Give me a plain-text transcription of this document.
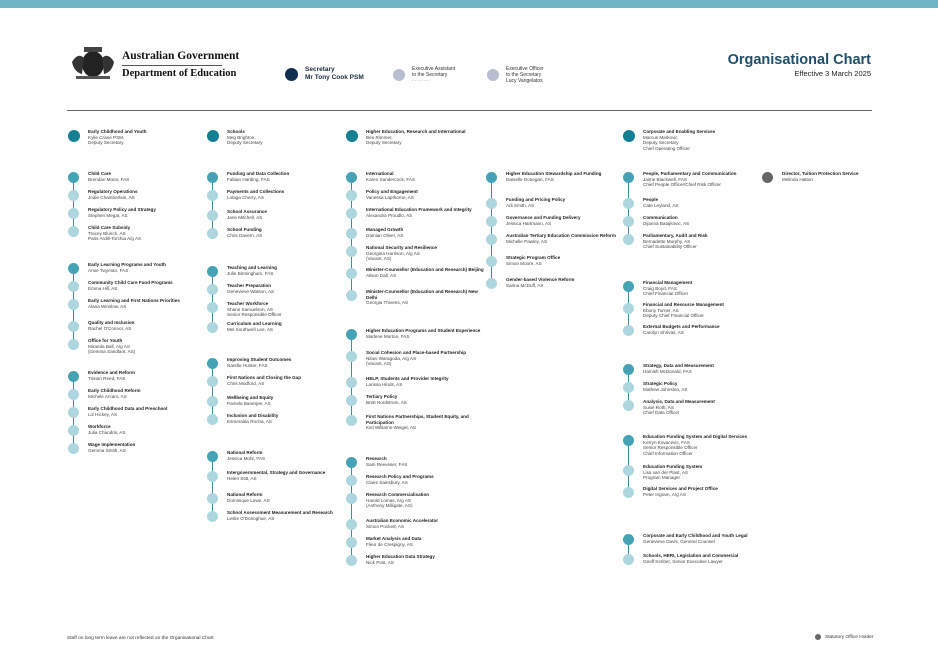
Australian Government
Department of Education	Secretary
Mr Tony Cook PSM
Executive Assistant
to the Secretary
- - - - - -
Executive Officer
to the Secretary
Lucy Vangelatos
Organisational Chart
Effective 3 March 2025
Early Childhood and Youth
Kylie Crane PSM,
Deputy Secretary
Child Care
Brendan Moon, FAS
Regulatory Operations
Jodie Chamberlain, AS
Regulatory Policy and Strategy
Stephen Megar, AS
Child Care Subsidy
Tracey Blunch, AS
Paris Ardill-Torchia A/g AS
Early Learning Programs and Youth
Anne Twyman, FAS
Community Child Care Fund Programs
Emma Hill, AS
Early Learning and First Nations Priorities
Alana Winslow, AS
Quality and Inclusion
Rachel O'Connor, AS
Office for Youth
Miranda Ball, A/g AS
(Gemma Sandlant, AS)
Evidence and Reform
Tristan Reed, FAS
Early Childhood Reform
Michele Arcaro, AS
Early Childhood Data and Preschool
Liz Hickey, AS
Workforce
Julia Chandris, AS
Wage Implementation
Gemma Smith, AS
Schools
Meg Brighton,
Deputy Secretary
Funding and Data Collection
Fabian Harding, FAS
Payments and Collections
Lolaga Cherry, AS
School Assurance
Jane Mitchell, AS
School Funding
Chris Davern, AS
Teaching and Learning
Julie Birmingham, FAS
Teacher Preparation
Genevieve Watson, AS
Teacher Workforce
Shane Samuelson, AS
Senior Responsible Officer
Curriculum and Learning
Mel Southwell Lee, AS
Improving Student Outcomes
Narelle Hunter, FAS
First Nations and Closing the Gap
Chris Modford, AS
Wellbeing and Equity
Pamela Banerjee, AS
Inclusion and Disability
Esmeralda Rocha, AS
National Reform
Jessica Mohr, FAS
Intergovernmental, Strategy and Governance
Helen Stitt, AS
National Reform
Dominique Lowe, AS
School Assessment Measurement and Research
Leslie O'Donoghue, AS
Higher Education, Research and International
Ben Rimmer,
Deputy Secretary
International
Karen Sandercock, FAS
Policy and Engagement
Vanessa Lapthorne, AS
International Education Framework and Integrity
Alexandra Proudlo, AS
Managed Growth
Damian Oliver, AS
National Security and Resilience
Georgina Harrison, A/g AS
(Vacant, AS)
Minister-Counsellor (Education and Research) Beijing
Alison Dall, AS
Minister-Counsellor (Education and Research) New Delhi
Georgia Thivens, AS
Higher Education Programs and Student Experience
Marlene Morton, FAS
Social Cohesion and Place-based Partnership
Nilani Waragoda, A/g AS
(Vacant, AS)
HELP, Students and Provider Integrity
Larissa Hinds, AS
Tertiary Policy
Brett Nordstrom, AS
First Nations Partnerships, Student Equity, and Participation
Kiel Williams-Weigel, AS
Research
Sam Reeveser, FAS
Research Policy and Programs
Claire Sainsbury, AS
Research Commercialisation
Harold Lomas, A/g AS
(Anthony Milligate, AS)
Australian Economic Accelerator
Simon Pockett, AS
Market Analysis and Data
Fleur de Crespigny, AS
Higher Education Data Strategy
Nick Post, AS
Higher Education Stewardship and Funding
Danielle Donegan, FAS
Funding and Pricing Policy
Adi Smith, AS
Governance and Funding Delivery
Jessica Hartmann, AS
Australian Tertiary Education Commission Reform
Michelle Pawley, AS
Strategic Program Office
Simon Moore, AS
Gender-based Violence Reform
Sarina McDuff, AS
Corporate and Enabling Services
Marcus Markovic
Deputy Secretary
Chief Operating Officer
People, Parliamentary and Communication
Jaime Blackwell, FAS
Chief People Officer/Chief Risk Officer
People
Cate Leyland, AS
Communication
Dijanna Batajkovic, AS
Parliamentary, Audit and Risk
Bernadette Murphy, AS
Chief Sustainability Officer
Financial Management
Craig Boyd, FAS
Chief Financial Officer
Financial and Resource Management
Ebony Turner, AS
Deputy Chief Financial Officer
External Budgets and Performance
Carolyn Shrivas, AS
Strategy, Data and Measurement
Hamish McDonald, FAS
Strategic Policy
Mathew Johnston, AS
Analysis, Data and Measurement
Susie Roth, AS
Chief Data Officer
Education Funding System and Digital Services
Kerryn Kovacevic, FAS
Senior Responsible Officer
Chief Information Officer
Education Funding System
Lisa van der Plast, AS
Program Manager
Digital Services and Project Office
Peter Ingram, A/g AS
Corporate and Early Childhood and Youth Legal
Genevieve Davis, General Counsel
Schools, HERI, Legislation and Commercial
Geoff Kimber, Senior Executive Lawyer
Director, Tuition Protection Service
Melinda Hatton
Staff on long term leave are not reflected on the Organisational Chart	Statutory Office Holder
